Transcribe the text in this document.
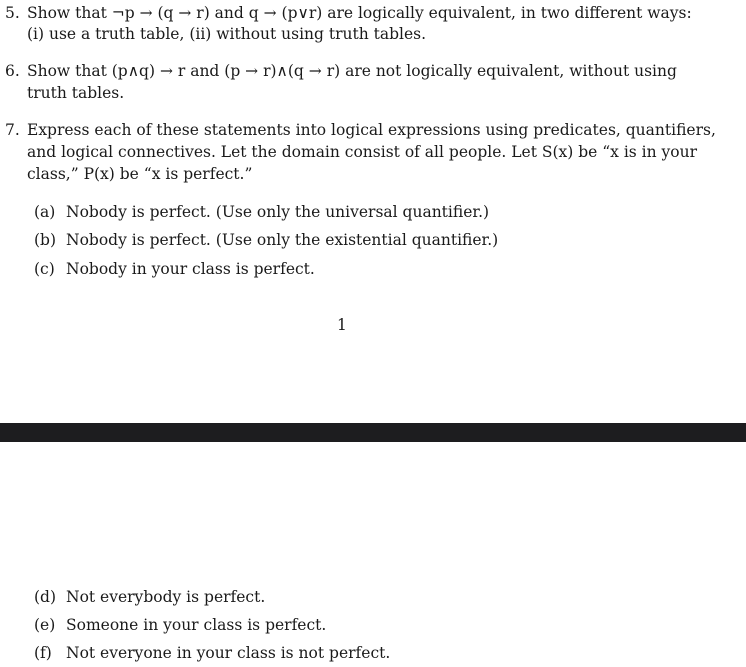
5. Show that ¬p → (q → r) and q → (p∨r) are logically equivalent, in two different ways:
(i) use a truth table, (ii) without using truth tables.
6. Show that (p∧q) → r and (p → r)∧(q → r) are not logically equivalent, without using
truth tables.
7. Express each of these statements into logical expressions using predicates, quantifiers,
and logical connectives. Let the domain consist of all people. Let S(x) be “x is in your
class,” P(x) be “x is perfect.”
(a) Nobody is perfect. (Use only the universal quantifier.)
(b) Nobody is perfect. (Use only the existential quantifier.)
(c) Nobody in your class is perfect.
1
(d) Not everybody is perfect.
(e) Someone in your class is perfect.
(f) Not everyone in your class is not perfect.
